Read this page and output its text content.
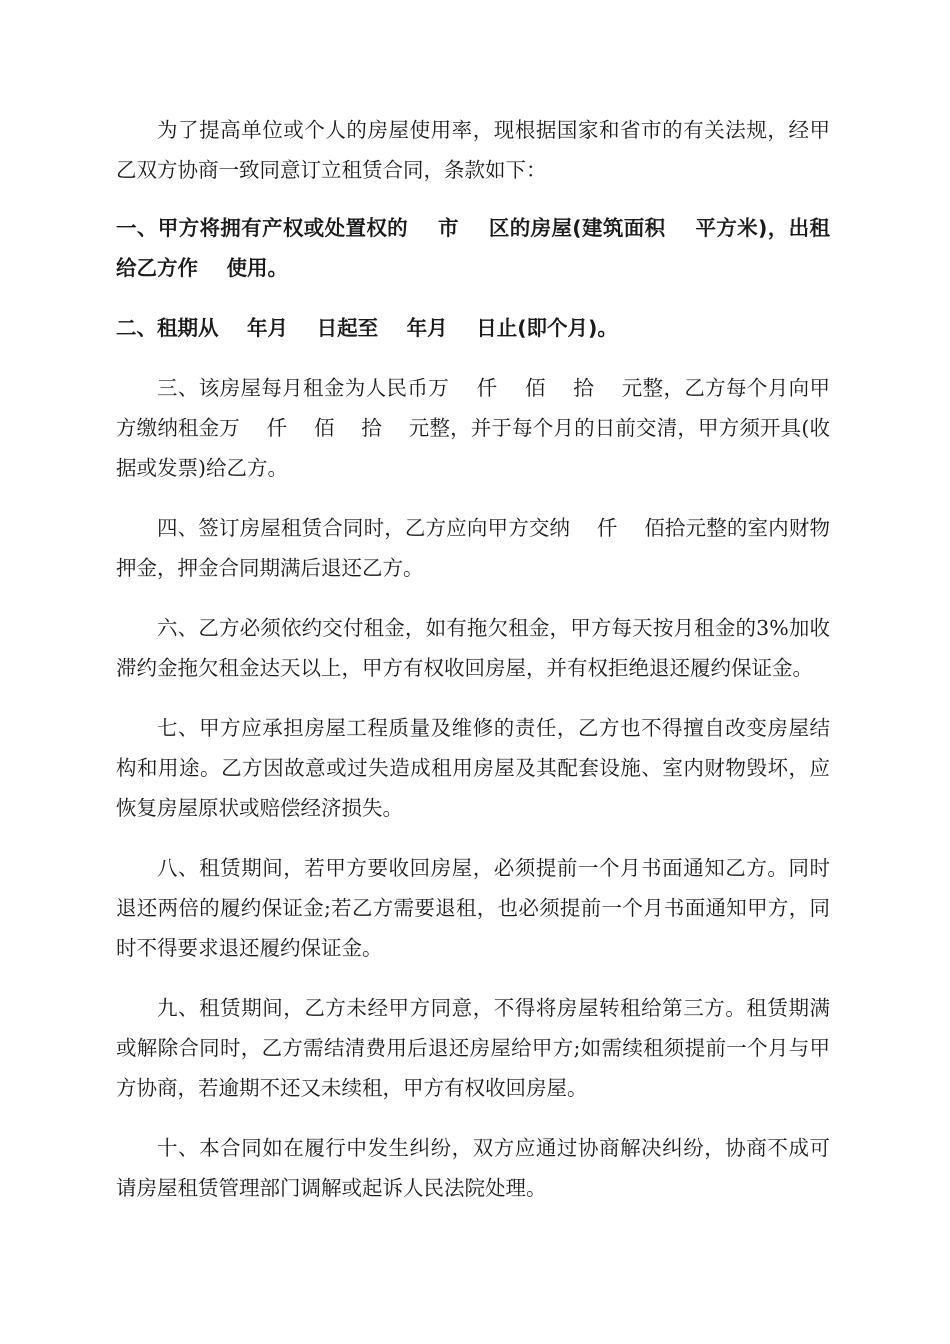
为了提高单位或个人的房屋使用率，现根据国家和省市的有关法规，经甲乙双方协商一致同意订立租赁合同，条款如下：

一、甲方将拥有产权或处置权的    市    区的房屋(建筑面积    平方米)，出租给乙方作    使用。

二、租期从    年月    日起至    年月    日止(即个月)。

三、该房屋每月租金为人民币万    仟    佰    拾    元整，乙方每个月向甲方缴纳租金万    仟    佰    拾    元整，并于每个月的日前交清，甲方须开具(收据或发票)给乙方。

四、签订房屋租赁合同时，乙方应向甲方交纳    仟    佰拾元整的室内财物押金，押金合同期满后退还乙方。

六、乙方必须依约交付租金，如有拖欠租金，甲方每天按月租金的3%加收滞约金拖欠租金达天以上，甲方有权收回房屋，并有权拒绝退还履约保证金。

七、甲方应承担房屋工程质量及维修的责任，乙方也不得擅自改变房屋结构和用途。乙方因故意或过失造成租用房屋及其配套设施、室内财物毁坏，应恢复房屋原状或赔偿经济损失。

八、租赁期间，若甲方要收回房屋，必须提前一个月书面通知乙方。同时退还两倍的履约保证金;若乙方需要退租，也必须提前一个月书面通知甲方，同时不得要求退还履约保证金。

九、租赁期间，乙方未经甲方同意，不得将房屋转租给第三方。租赁期满或解除合同时，乙方需结清费用后退还房屋给甲方;如需续租须提前一个月与甲方协商，若逾期不还又未续租，甲方有权收回房屋。

十、本合同如在履行中发生纠纷，双方应通过协商解决纠纷，协商不成可请房屋租赁管理部门调解或起诉人民法院处理。
